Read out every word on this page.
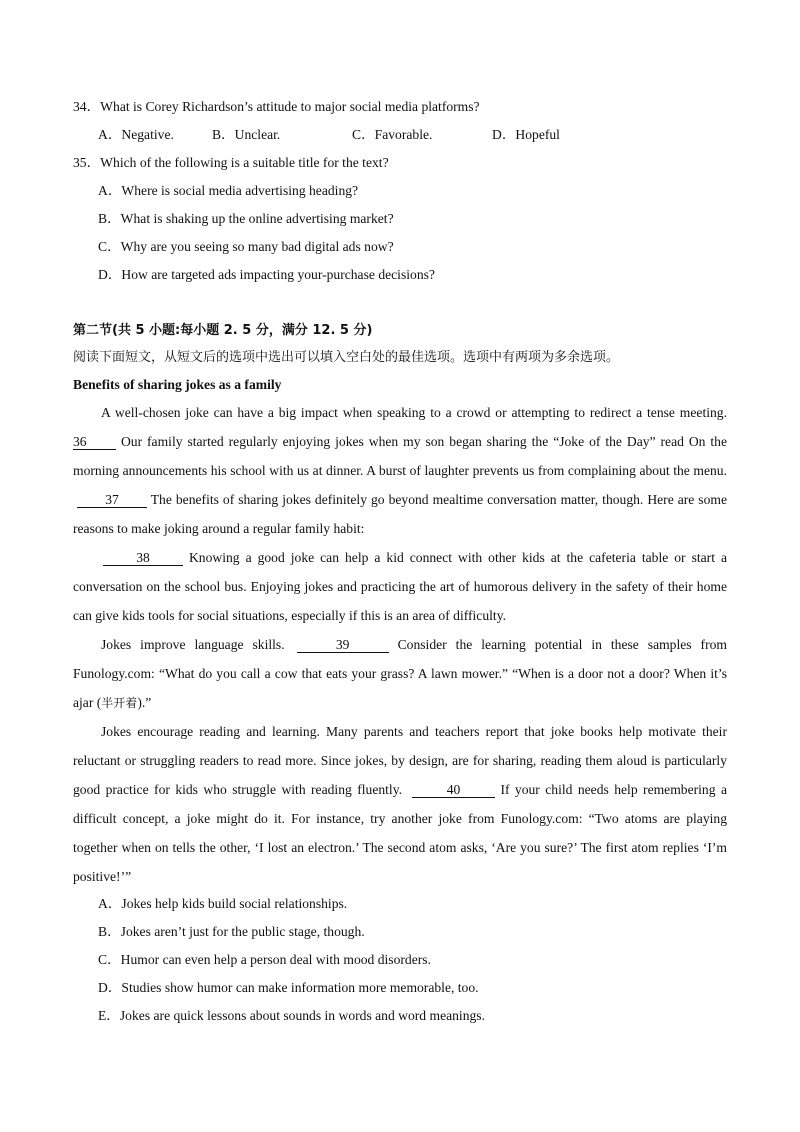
34．What is Corey Richardson’s attitude to major social media platforms?
A．Negative.	B．Unclear.	C．Favorable.	D．Hopeful
35．Which of the following is a suitable title for the text?
A．Where is social media advertising heading?
B．What is shaking up the online advertising market?
C．Why are you seeing so many bad digital ads now?
D．How are targeted ads impacting your-purchase decisions?
第二节(共 5 小题:每小题 2. 5 分，满分 12. 5 分)
阅读下面短文，从短文后的选项中选出可以填入空白处的最佳选项。选项中有两项为多余选项。
Benefits of sharing jokes as a family
A well-chosen joke can have a big impact when speaking to a crowd or attempting to redirect a tense meeting. 36	Our family started regularly enjoying jokes when my son began sharing the “Joke of the Day” read On the morning announcements his school with us at dinner. A burst of laughter prevents us from complaining about the menu. 37 The benefits of sharing jokes definitely go beyond mealtime conversation matter, though. Here are some reasons to make joking around a regular family habit:
38	Knowing a good joke can help a kid connect with other kids at the cafeteria table or start a conversation on the school bus. Enjoying jokes and practicing the art of humorous delivery in the safety of their home can give kids tools for social situations, especially if this is an area of difficulty.
Jokes improve language skills.	39	Consider the learning potential in these samples from Funology.com: “What do you call a cow that eats your grass? A lawn mower.” “When is a door not a door? When it’s ajar (半开着).”
Jokes encourage reading and learning. Many parents and teachers report that joke books help motivate their reluctant or struggling readers to read more. Since jokes, by design, are for sharing, reading them aloud is particularly good practice for kids who struggle with reading fluently.	40	If your child needs help remembering a difficult concept, a joke might do it. For instance, try another joke from Funology.com: “Two atoms are playing together when on tells the other, ‘I lost an electron.’ The second atom asks, ‘Are you sure?’ The first atom replies ‘I’m positive!’”
A．Jokes help kids build social relationships.
B．Jokes aren’t just for the public stage, though.
C．Humor can even help a person deal with mood disorders.
D．Studies show humor can make information more memorable, too.
E．Jokes are quick lessons about sounds in words and word meanings.
